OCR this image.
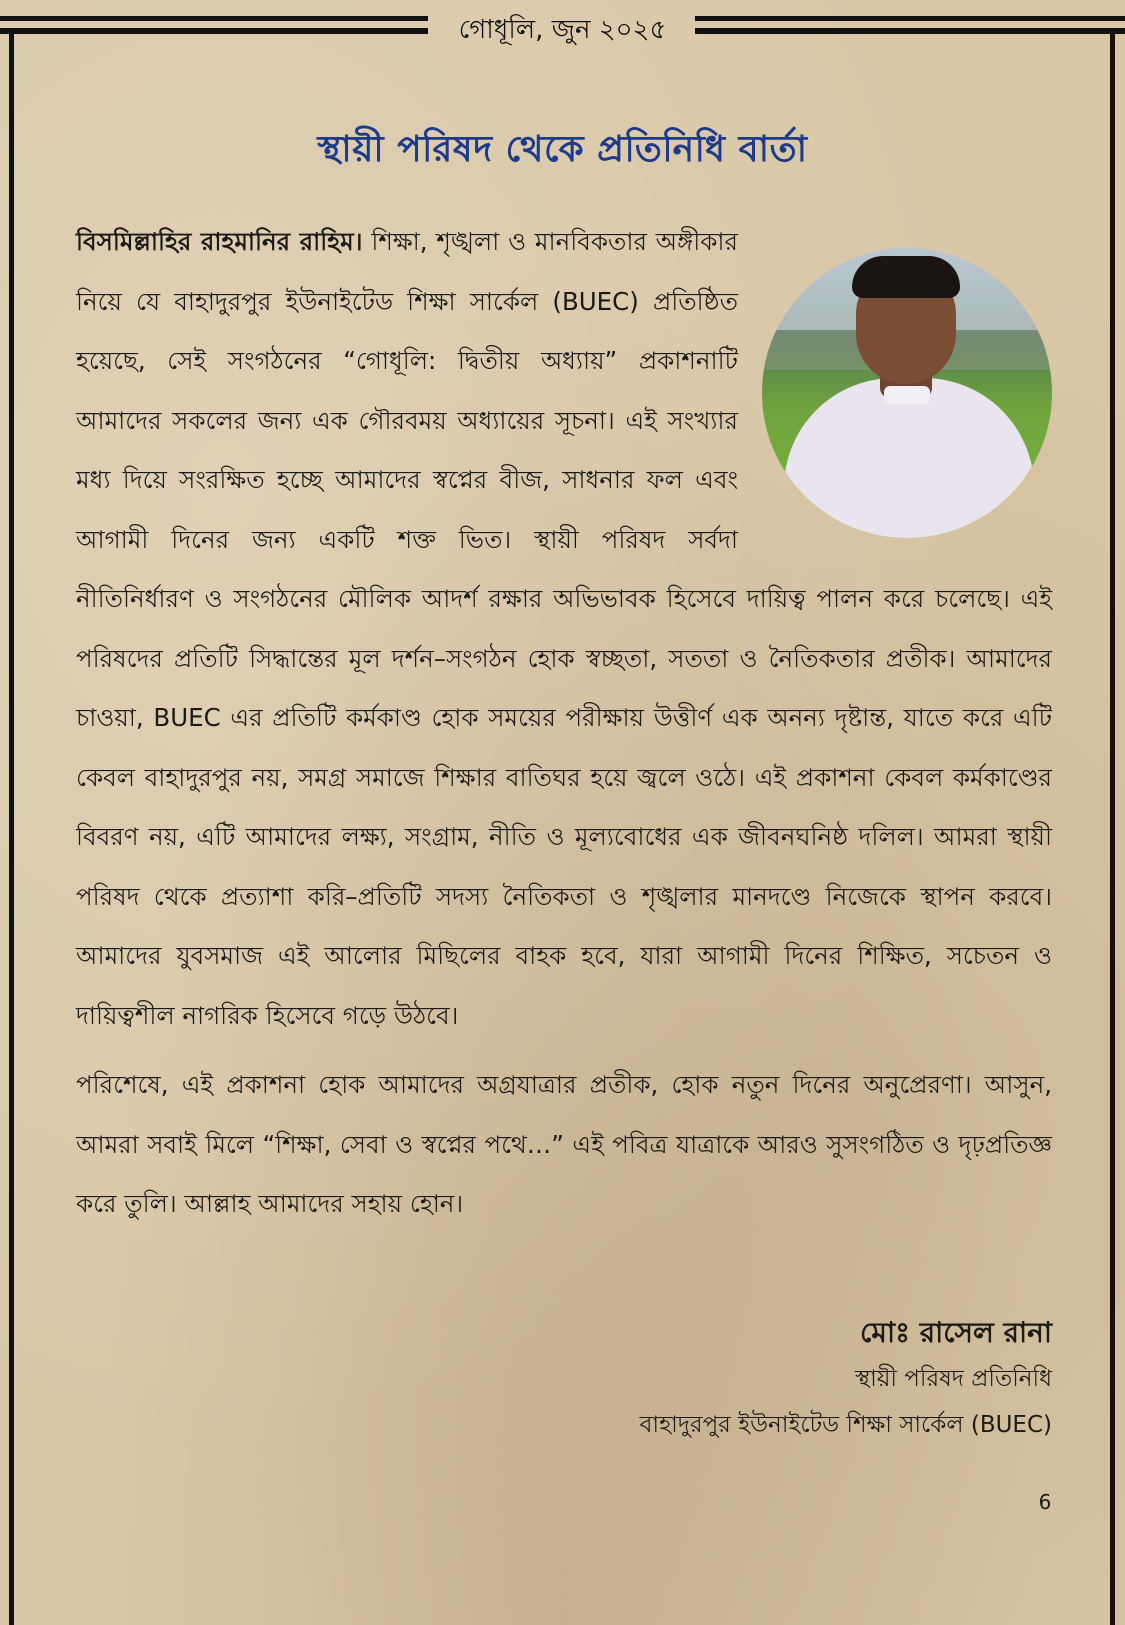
গোধূলি, জুন ২০২৫
স্থায়ী পরিষদ থেকে প্রতিনিধি বার্তা

বিসমিল্লাহির রাহমানির রাহিম। শিক্ষা, শৃঙ্খলা ও মানবিকতার অঙ্গীকার নিয়ে যে বাহাদুরপুর ইউনাইটেড শিক্ষা সার্কেল (BUEC) প্রতিষ্ঠিত হয়েছে, সেই সংগঠনের “গোধূলি: দ্বিতীয় অধ্যায়” প্রকাশনাটি আমাদের সকলের জন্য এক গৌরবময় অধ্যায়ের সূচনা। এই সংখ্যার মধ্য দিয়ে সংরক্ষিত হচ্ছে আমাদের স্বপ্নের বীজ, সাধনার ফল এবং আগামী দিনের জন্য একটি শক্ত ভিত। স্থায়ী পরিষদ সর্বদা নীতিনির্ধারণ ও সংগঠনের মৌলিক আদর্শ রক্ষার অভিভাবক হিসেবে দায়িত্ব পালন করে চলেছে। এই পরিষদের প্রতিটি সিদ্ধান্তের মূল দর্শন–সংগঠন হোক স্বচ্ছতা, সততা ও নৈতিকতার প্রতীক। আমাদের চাওয়া, BUEC এর প্রতিটি কর্মকাণ্ড হোক সময়ের পরীক্ষায় উত্তীর্ণ এক অনন্য দৃষ্টান্ত, যাতে করে এটি কেবল বাহাদুরপুর নয়, সমগ্র সমাজে শিক্ষার বাতিঘর হয়ে জ্বলে ওঠে। এই প্রকাশনা কেবল কর্মকাণ্ডের বিবরণ নয়, এটি আমাদের লক্ষ্য, সংগ্রাম, নীতি ও মূল্যবোধের এক জীবনঘনিষ্ঠ দলিল। আমরা স্থায়ী পরিষদ থেকে প্রত্যাশা করি–প্রতিটি সদস্য নৈতিকতা ও শৃঙ্খলার মানদণ্ডে নিজেকে স্থাপন করবে। আমাদের যুবসমাজ এই আলোর মিছিলের বাহক হবে, যারা আগামী দিনের শিক্ষিত, সচেতন ও দায়িত্বশীল নাগরিক হিসেবে গড়ে উঠবে।

পরিশেষে, এই প্রকাশনা হোক আমাদের অগ্রযাত্রার প্রতীক, হোক নতুন দিনের অনুপ্রেরণা। আসুন, আমরা সবাই মিলে “শিক্ষা, সেবা ও স্বপ্নের পথে…” এই পবিত্র যাত্রাকে আরও সুসংগঠিত ও দৃঢ়প্রতিজ্ঞ করে তুলি। আল্লাহ আমাদের সহায় হোন।

মোঃ রাসেল রানা
স্থায়ী পরিষদ প্রতিনিধি
বাহাদুরপুর ইউনাইটেড শিক্ষা সার্কেল (BUEC)
6
